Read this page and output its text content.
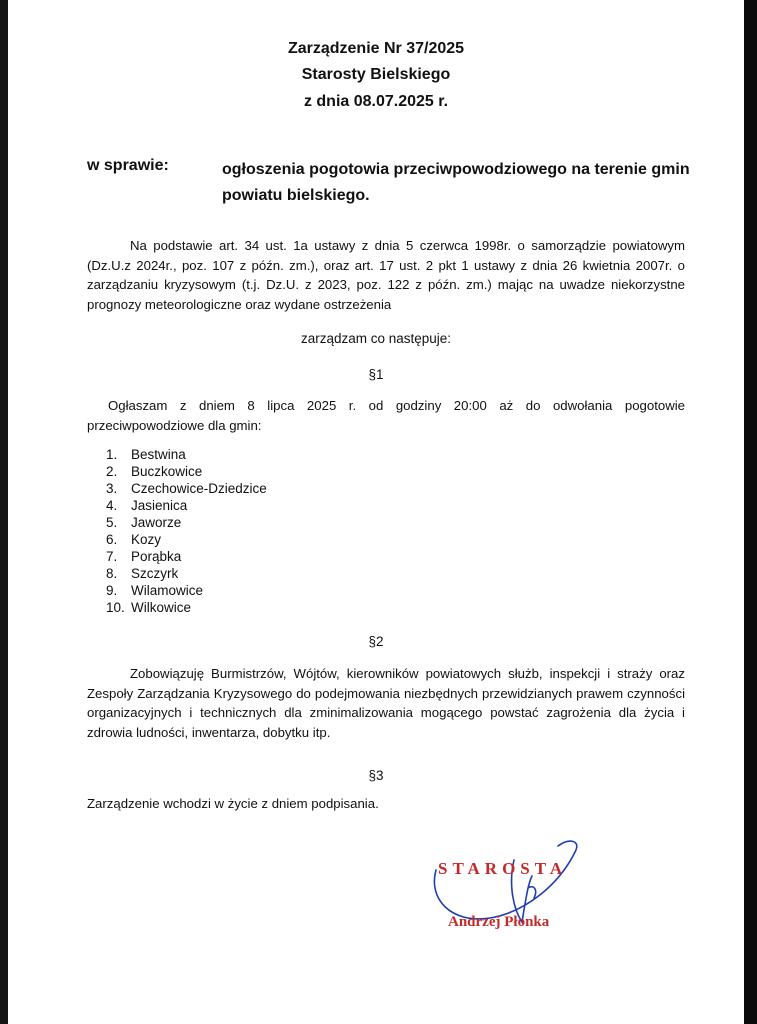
Zarządzenie Nr 37/2025
Starosty Bielskiego
z dnia 08.07.2025 r.
w sprawie:	ogłoszenia pogotowia przeciwpowodziowego na terenie gmin powiatu bielskiego.
Na podstawie art. 34 ust. 1a ustawy z dnia 5 czerwca 1998r. o samorządzie powiatowym (Dz.U.z 2024r., poz. 107 z późn. zm.), oraz art. 17 ust. 2 pkt 1 ustawy z dnia 26 kwietnia 2007r. o zarządzaniu kryzysowym (t.j. Dz.U. z 2023, poz. 122 z późn. zm.) mając na uwadze niekorzystne prognozy meteorologiczne oraz wydane ostrzeżenia
zarządzam co następuje:
§1
Ogłaszam z dniem 8 lipca 2025 r. od godziny 20:00 aż do odwołania pogotowie przeciwpowodziowe dla gmin:
1.	Bestwina
2.	Buczkowice
3.	Czechowice-Dziedzice
4.	Jasienica
5.	Jaworze
6.	Kozy
7.	Porąbka
8.	Szczyrk
9.	Wilamowice
10. Wilkowice
§2
Zobowiązuję Burmistrzów, Wójtów, kierowników powiatowych służb, inspekcji i straży oraz Zespoły Zarządzania Kryzysowego do podejmowania niezbędnych przewidzianych prawem czynności organizacyjnych i technicznych dla zminimalizowania mogącego powstać zagrożenia dla życia i zdrowia ludności, inwentarza, dobytku itp.
§3
Zarządzenie wchodzi w życie z dniem podpisania.
STAROSTA
Andrzej Płonka
